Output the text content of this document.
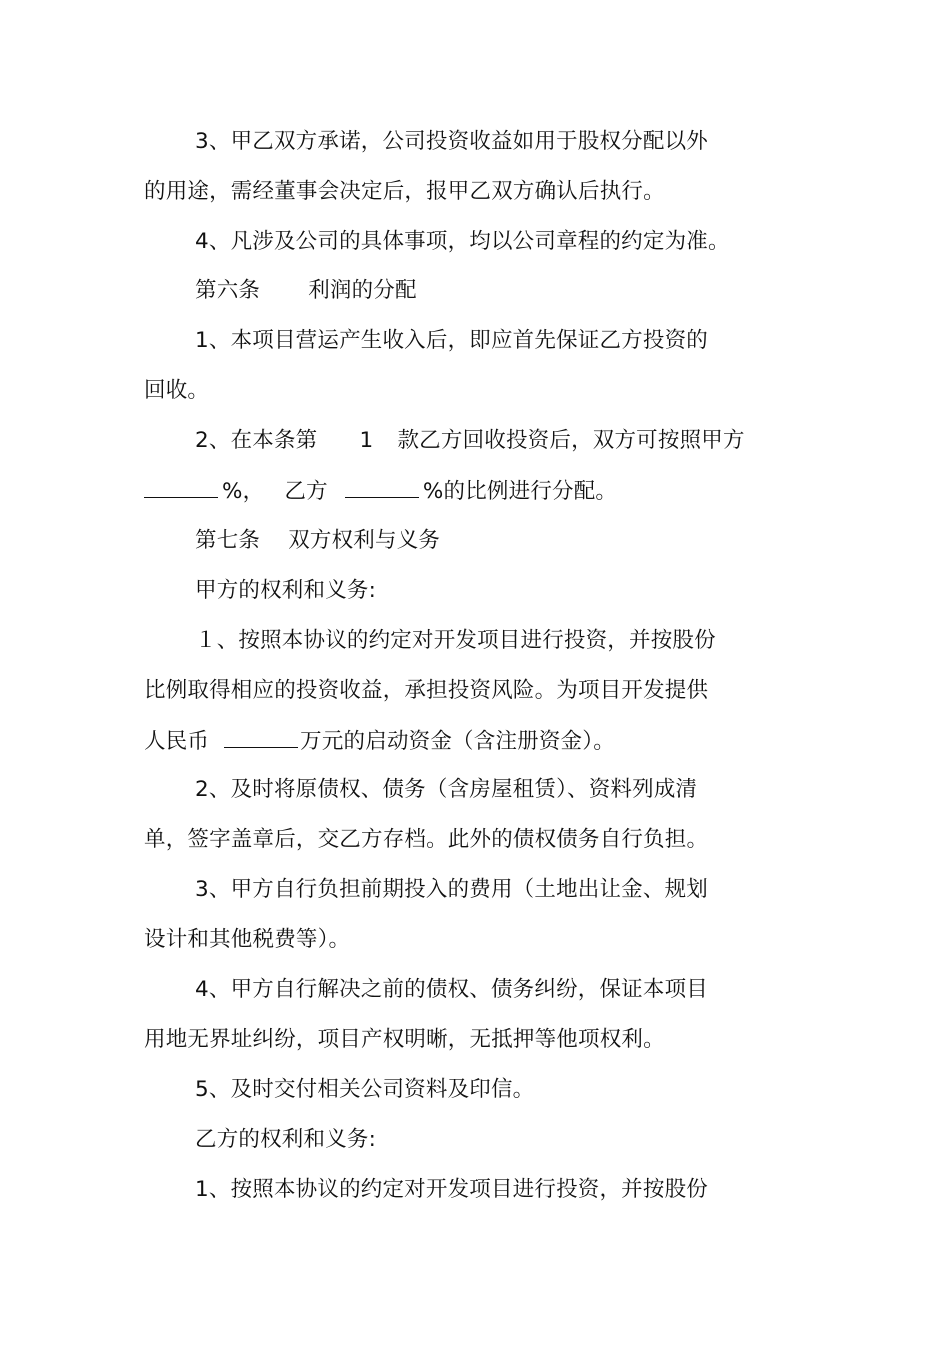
3、甲乙双方承诺，公司投资收益如用于股权分配以外
的用途，需经董事会决定后，报甲乙双方确认后执行。
4、凡涉及公司的具体事项，均以公司章程的约定为准。
第六条 利润的分配
1、本项目营运产生收入后，即应首先保证乙方投资的
回收。
2、在本条第 1 款乙方回收投资后，双方可按照甲方
%， 乙方	%的比例进行分配。
第七条 双方权利与义务
甲方的权利和义务:
１、按照本协议的约定对开发项目进行投资，并按股份
比例取得相应的投资收益，承担投资风险。为项目开发提供
人民币	万元的启动资金（含注册资金）。
2、及时将原债权、债务（含房屋租赁）、资料列成清
单，签字盖章后，交乙方存档。此外的债权债务自行负担。
3、甲方自行负担前期投入的费用（土地出让金、规划
设计和其他税费等）。
4、甲方自行解决之前的债权、债务纠纷，保证本项目
用地无界址纠纷，项目产权明晰，无抵押等他项权利。
5、及时交付相关公司资料及印信。
乙方的权利和义务:
1、按照本协议的约定对开发项目进行投资，并按股份
